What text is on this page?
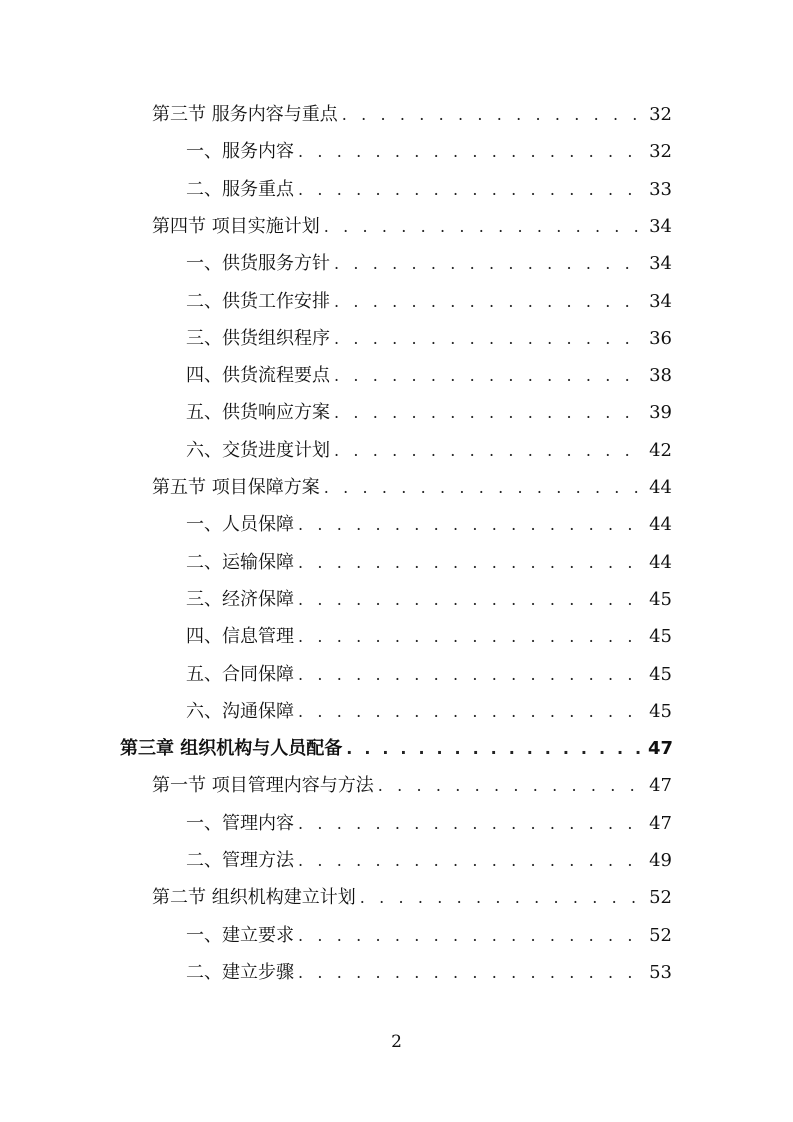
第三节 服务内容与重点 . . .	32
一、服务内容 . . .	32
二、服务重点 . . .	33
第四节 项目实施计划 . . .	34
一、供货服务方针 . . .	34
二、供货工作安排 . . .	34
三、供货组织程序 . . .	36
四、供货流程要点 . . .	38
五、供货响应方案 . . .	39
六、交货进度计划 . . .	42
第五节 项目保障方案 . . .	44
一、人员保障 . . .	44
二、运输保障 . . .	44
三、经济保障 . . .	45
四、信息管理 . . .	45
五、合同保障 . . .	45
六、沟通保障 . . .	45
第三章 组织机构与人员配备 . . .	47
第一节 项目管理内容与方法 . . .	47
一、管理内容 . . .	47
二、管理方法 . . .	49
第二节 组织机构建立计划 . . .	52
一、建立要求 . . .	52
二、建立步骤 . . .	53
2
